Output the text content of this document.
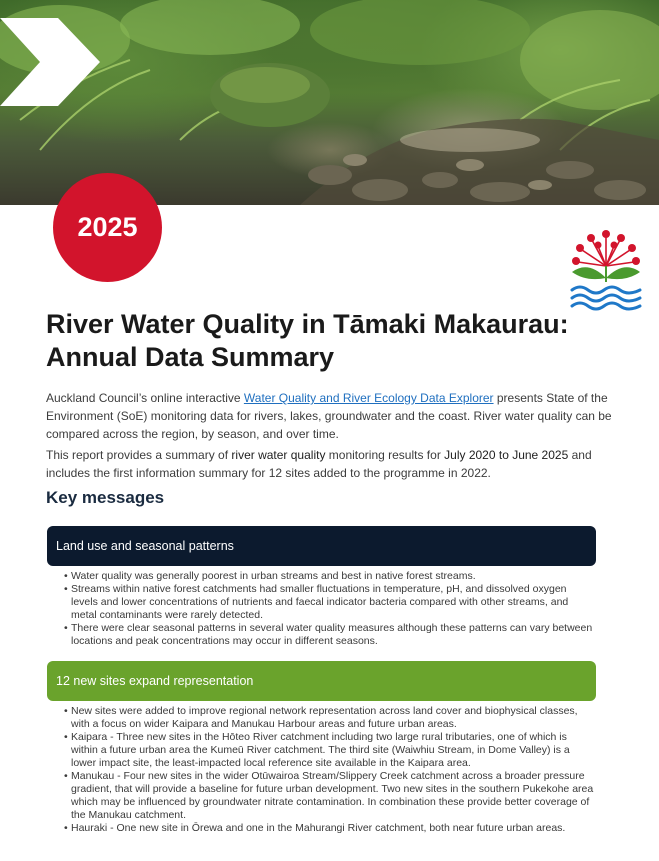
2025
River Water Quality in Tāmaki Makaurau: Annual Data Summary

Auckland Council’s online interactive Water Quality and River Ecology Data Explorer presents State of the Environment (SoE) monitoring data for rivers, lakes, groundwater and the coast. River water quality can be compared across the region, by season, and over time.

This report provides a summary of river water quality monitoring results for July 2020 to June 2025 and includes the first information summary for 12 sites added to the programme in 2022.

Key messages
Land use and seasonal patterns
• Water quality was generally poorest in urban streams and best in native forest streams.
• Streams within native forest catchments had smaller fluctuations in temperature, pH, and dissolved oxygen levels and lower concentrations of nutrients and faecal indicator bacteria compared with other streams, and metal contaminants were rarely detected.
• There were clear seasonal patterns in several water quality measures although these patterns can vary between locations and peak concentrations may occur in different seasons.
12 new sites expand representation
• New sites were added to improve regional network representation across land cover and biophysical classes, with a focus on wider Kaipara and Manukau Harbour areas and future urban areas.
• Kaipara - Three new sites in the Hōteo River catchment including two large rural tributaries, one of which is within a future urban area the Kumeū River catchment. The third site (Waiwhiu Stream, in Dome Valley) is a lower impact site, the least-impacted local reference site available in the Kaipara area.
• Manukau - Four new sites in the wider Otūwairoa Stream/Slippery Creek catchment across a broader pressure gradient, that will provide a baseline for future urban development. Two new sites in the southern Pukekohe area which may be influenced by groundwater nitrate contamination. In combination these provide better coverage of the Manukau catchment.
• Hauraki - One new site in Ōrewa and one in the Mahurangi River catchment, both near future urban areas.
